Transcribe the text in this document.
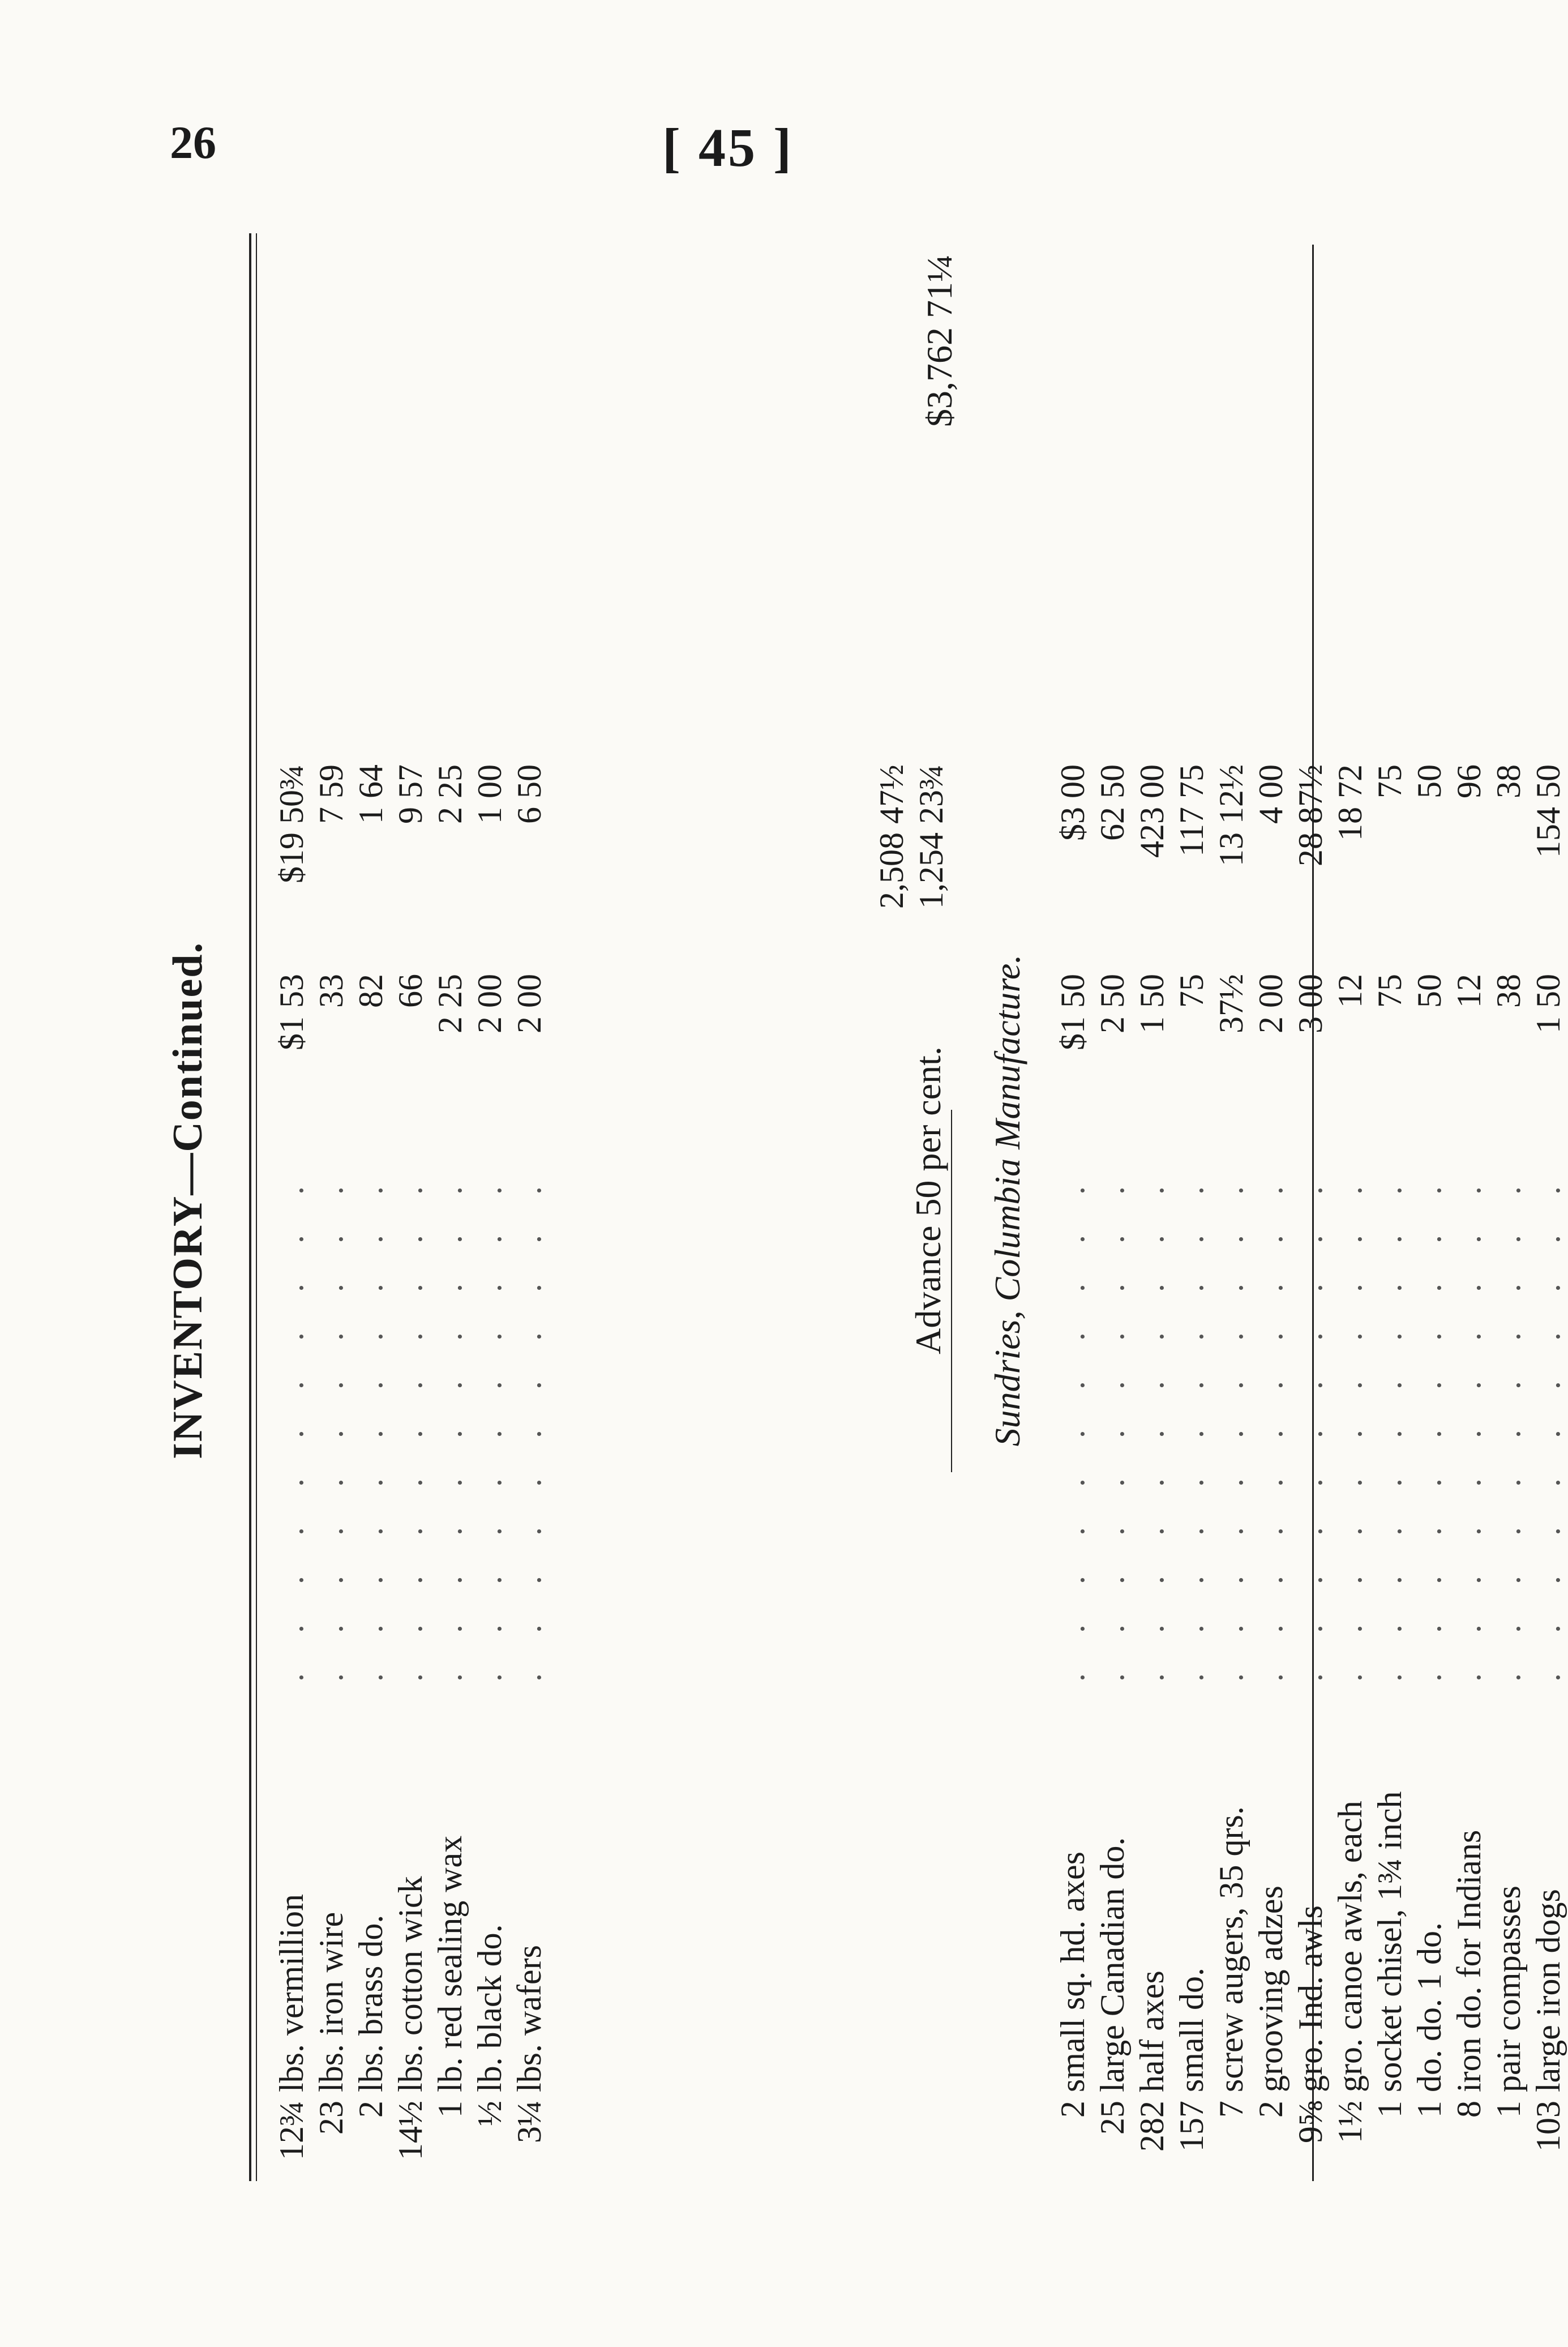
26	[ 45 ]
INVENTORY—Continued.
12¾
lbs. vermillion
$1 53
$19 50¾
. . . . . . . . . . .
23
lbs. iron wire
33
7 59
. . . . . . . . . . .
2
lbs. brass do.
82
1 64
. . . . . . . . . . .
14½
lbs. cotton wick
66
9 57
. . . . . . . . . . .
1
lb. red sealing wax
2 25
2 25
. . . . . . . . . . .
½
lb. black do.
2 00
1 00
. . . . . . . . . . .
3¼
lbs. wafers
2 00
6 50
. . . . . . . . . . .
2,508 47½
Advance 50 per cent.
1,254 23¾
$3,762 71¼
Sundries, Columbia Manufacture.
2
small sq. hd. axes
$1 50
$3 00
. . . . . . . . . . .
25
large Canadian do.
2 50
62 50
. . . . . . . . . . .
282
half axes
1 50
423 00
. . . . . . . . . . .
157
small do.
75
117 75
. . . . . . . . . . .
7
screw augers, 35 qrs.
37½
13 12½
. . . . . . . . . . .
2
grooving adzes
2 00
4 00
. . . . . . . . . . .
9⅝
gro. Ind. awls
3 00
28 87½
. . . . . . . . . . .
1½
gro. canoe awls, each
12
18 72
. . . . . . . . . . .
1
socket chisel, 1¾ inch
75
75
. . . . . . . . . . .
1
do. do. 1 do.
50
50
. . . . . . . . . . .
8
iron do. for Indians
12
96
. . . . . . . . . . .
1
pair compasses
38
38
. . . . . . . . . . .
103
large iron dogs
1 50
154 50
. . . . . . . . . . .
